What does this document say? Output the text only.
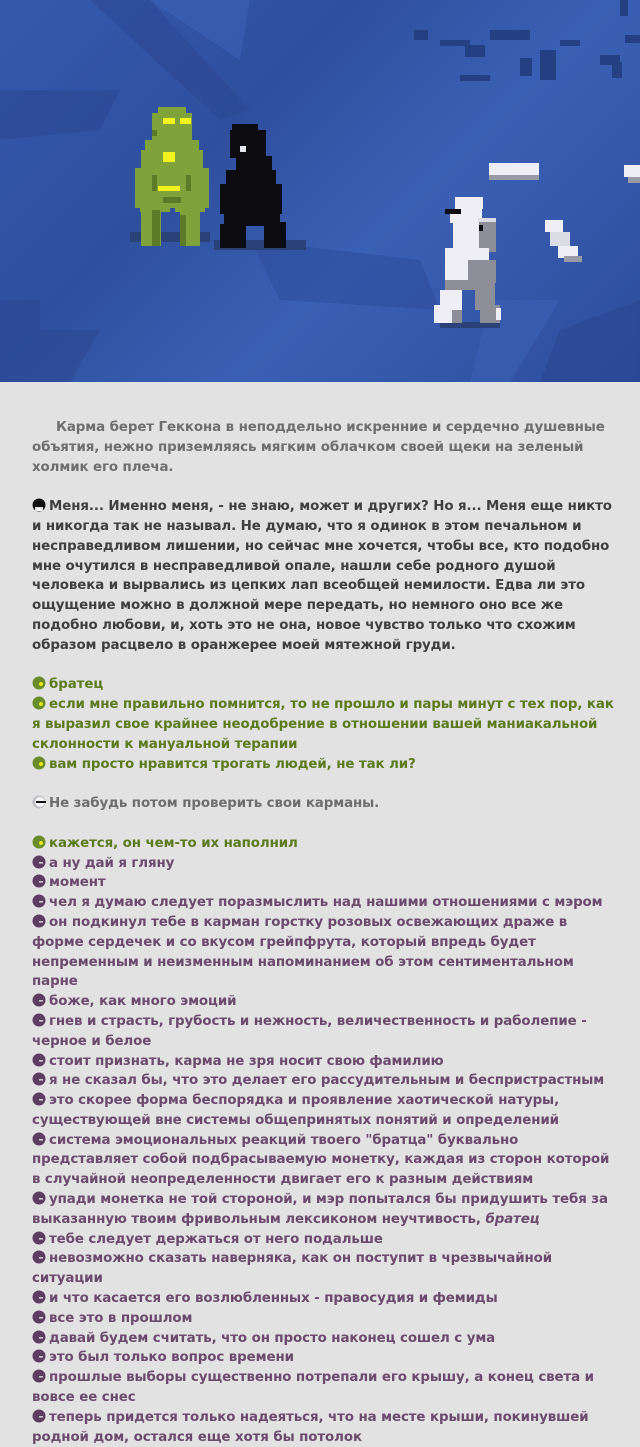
Карма берет Геккона в неподдельно искренние и сердечно душевные объятия, нежно приземляясь мягким облачком своей щеки на зеленый холмик его плеча.

Меня... Именно меня, - не знаю, может и других? Но я... Меня еще никто и никогда так не называл. Не думаю, что я одинок в этом печальном и несправедливом лишении, но сейчас мне хочется, чтобы все, кто подобно мне очутился в несправедливой опале, нашли себе родного душой человека и вырвались из цепких лап всеобщей немилости. Едва ли это ощущение можно в должной мере передать, но немного оно все же подобно любови, и, хоть это не она, новое чувство только что схожим образом расцвело в оранжерее моей мятежной груди.

братец

если мне правильно помнится, то не прошло и пары минут с тех пор, как я выразил свое крайнее неодобрение в отношении вашей маниакальной склонности к мануальной терапии

вам просто нравится трогать людей, не так ли?

Не забудь потом проверить свои карманы.

кажется, он чем-то их наполнил

а ну дай я гляну

момент

чел я думаю следует поразмыслить над нашими отношениями с мэром

он подкинул тебе в карман горстку розовых освежающих драже в форме сердечек и со вкусом грейпфрута, который впредь будет непременным и неизменным напоминанием об этом сентиментальном парне

боже, как много эмоций

гнев и страсть, грубость и нежность, величественность и раболепие - черное и белое

стоит признать, карма не зря носит свою фамилию

я не сказал бы, что это делает его рассудительным и беспристрастным

это скорее форма беспорядка и проявление хаотической натуры, существующей вне системы общепринятых понятий и определений

система эмоциональных реакций твоего "братца" буквально представляет собой подбрасываемую монетку, каждая из сторон которой в случайной неопределенности двигает его к разным действиям

упади монетка не той стороной, и мэр попытался бы придушить тебя за выказанную твоим фривольным лексиконом неучтивость, братец

тебе следует держаться от него подальше

невозможно сказать наверняка, как он поступит в чрезвычайной ситуации

и что касается его возлюбленных - правосудия и фемиды

все это в прошлом

давай будем считать, что он просто наконец сошел с ума

это был только вопрос времени

прошлые выборы существенно потрепали его крышу, а конец света и вовсе ее снес

теперь придется только надеяться, что на месте крыши, покинувшей родной дом, остался еще хотя бы потолок
